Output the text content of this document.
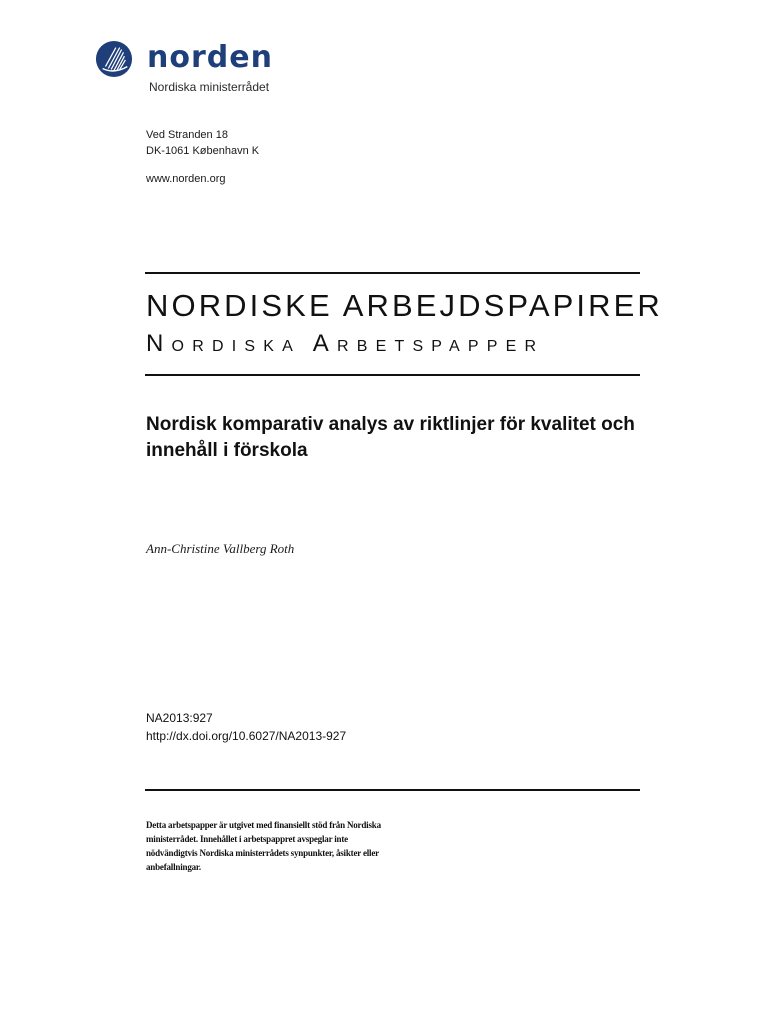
norden
Nordiska ministerrådet
Ved Stranden 18
DK-1061 København K
www.norden.org
NORDISKE ARBEJDSPAPIRER
NORDISKA ARBETSPAPPER
Nordisk komparativ analys av riktlinjer för kvalitet och innehåll i förskola
Ann-Christine Vallberg Roth
NA2013:927
http://dx.doi.org/10.6027/NA2013-927
Detta arbetspapper är utgivet med finansiellt stöd från Nordiska ministerrådet. Innehållet i arbetspappret avspeglar inte nödvändigtvis Nordiska ministerrådets synpunkter, åsikter eller anbefallningar.
